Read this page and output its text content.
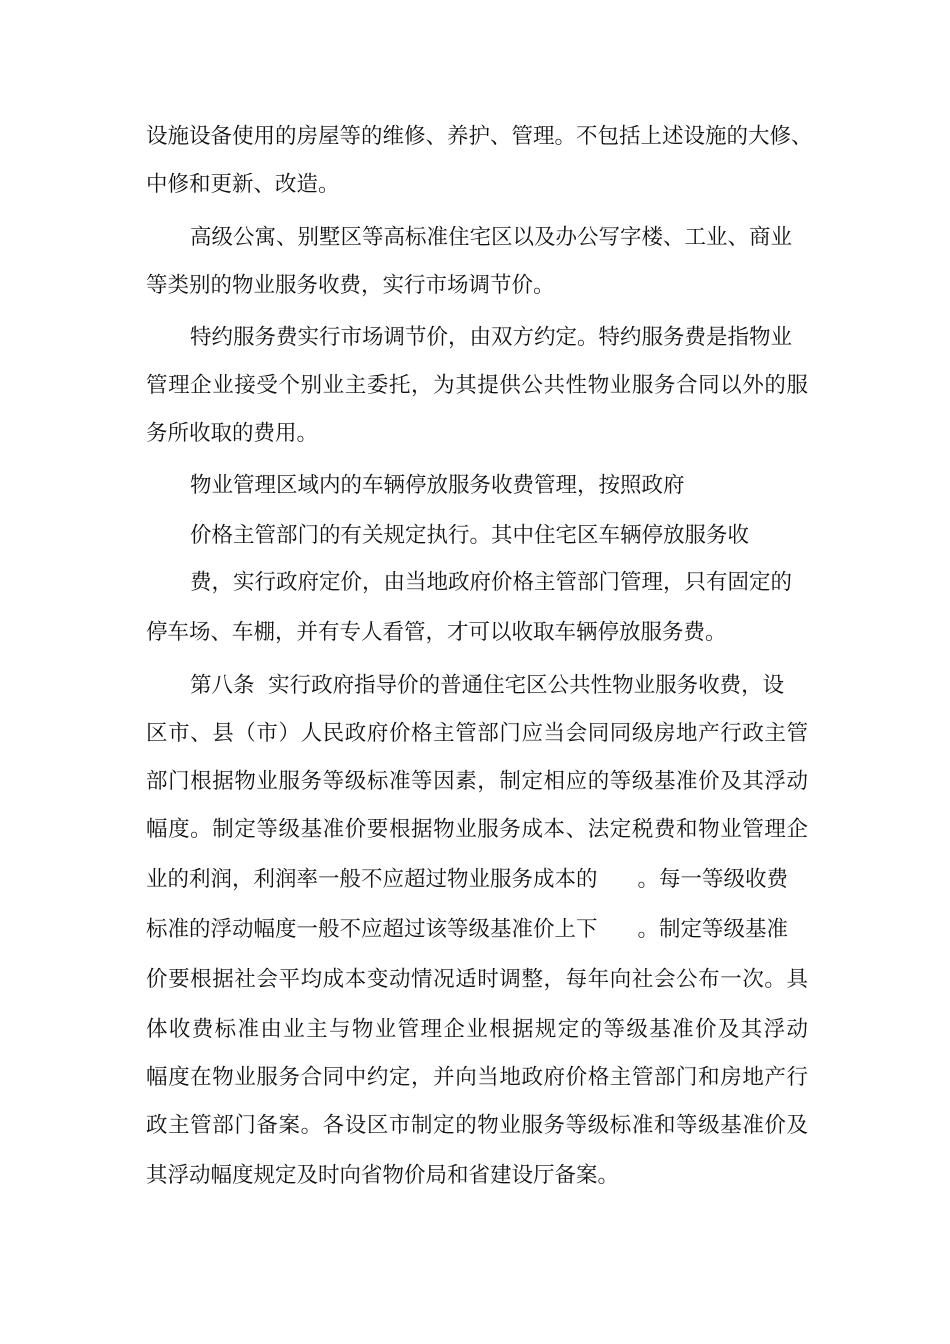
设施设备使用的房屋等的维修、养护、管理。不包括上述设施的大修、
中修和更新、改造。
高级公寓、别墅区等高标准住宅区以及办公写字楼、工业、商业
等类别的物业服务收费，实行市场调节价。
特约服务费实行市场调节价，由双方约定。特约服务费是指物业
管理企业接受个别业主委托，为其提供公共性物业服务合同以外的服
务所收取的费用。
物业管理区域内的车辆停放服务收费管理，按照政府
价格主管部门的有关规定执行。其中住宅区车辆停放服务收
费，实行政府定价，由当地政府价格主管部门管理，只有固定的
停车场、车棚，并有专人看管，才可以收取车辆停放服务费。
第八条  实行政府指导价的普通住宅区公共性物业服务收费，设
区市、县（市）人民政府价格主管部门应当会同同级房地产行政主管
部门根据物业服务等级标准等因素，制定相应的等级基准价及其浮动
幅度。制定等级基准价要根据物业服务成本、法定税费和物业管理企
业的利润，利润率一般不应超过物业服务成本的 。每一等级收费
标准的浮动幅度一般不应超过该等级基准价上下 。制定等级基准
价要根据社会平均成本变动情况适时调整，每年向社会公布一次。具
体收费标准由业主与物业管理企业根据规定的等级基准价及其浮动
幅度在物业服务合同中约定，并向当地政府价格主管部门和房地产行
政主管部门备案。各设区市制定的物业服务等级标准和等级基准价及
其浮动幅度规定及时向省物价局和省建设厅备案。
